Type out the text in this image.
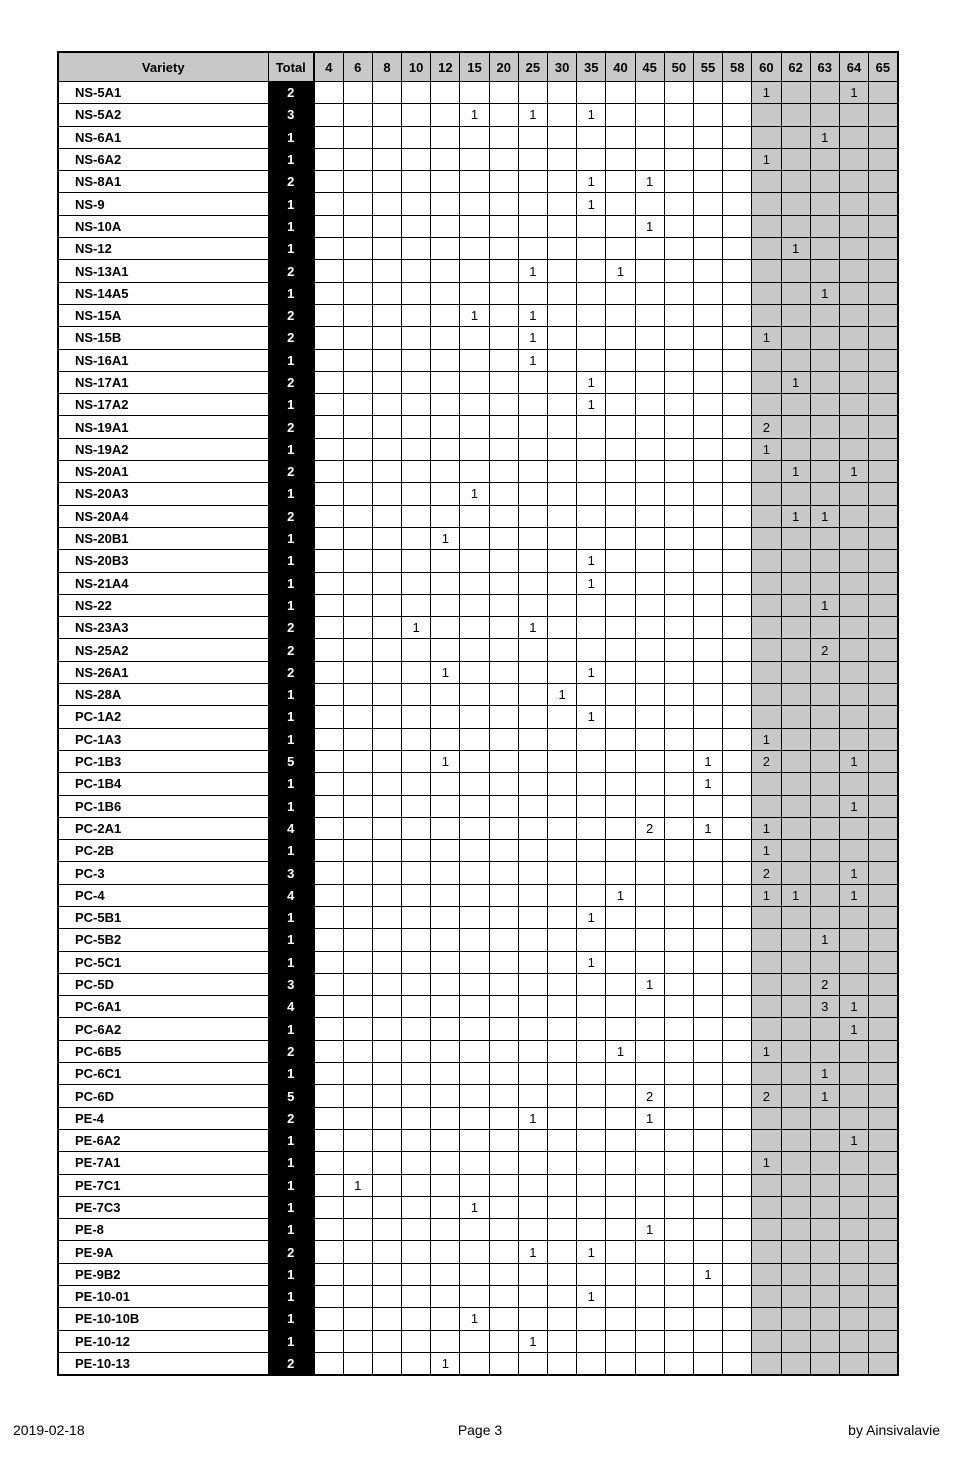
Variety	Total	4	6	8	10	12	15	20	25	30	35	40	45	50	55	58	60	62	63	64	65
NS-5A1	2																1			1	
NS-5A2	3						1		1		1										
NS-6A1	1																		1		
NS-6A2	1																1				
NS-8A1	2										1		1								
NS-9	1										1										
NS-10A	1												1								
NS-12	1																	1			
NS-13A1	2								1			1									
NS-14A5	1																		1		
NS-15A	2						1		1												
NS-15B	2								1								1				
NS-16A1	1								1												
NS-17A1	2										1							1			
NS-17A2	1										1										
NS-19A1	2																2				
NS-19A2	1																1				
NS-20A1	2																	1		1	
NS-20A3	1						1														
NS-20A4	2																	1	1		
NS-20B1	1					1															
NS-20B3	1										1										
NS-21A4	1										1										
NS-22	1																		1		
NS-23A3	2				1				1												
NS-25A2	2																		2		
NS-26A1	2					1					1										
NS-28A	1									1											
PC-1A2	1										1										
PC-1A3	1																1				
PC-1B3	5					1									1		2			1	
PC-1B4	1														1						
PC-1B6	1																			1	
PC-2A1	4												2		1		1				
PC-2B	1																1				
PC-3	3																2			1	
PC-4	4											1					1	1		1	
PC-5B1	1										1										
PC-5B2	1																		1		
PC-5C1	1										1										
PC-5D	3												1						2		
PC-6A1	4																		3	1	
PC-6A2	1																			1	
PC-6B5	2											1					1				
PC-6C1	1																		1		
PC-6D	5												2				2		1		
PE-4	2								1				1								
PE-6A2	1																			1	
PE-7A1	1																1				
PE-7C1	1		1																		
PE-7C3	1						1														
PE-8	1												1								
PE-9A	2								1		1										
PE-9B2	1														1						
PE-10-01	1										1										
PE-10-10B	1						1														
PE-10-12	1								1												
PE-10-13	2					1															
2019-02-18	Page 3	by Ainsivalavie
